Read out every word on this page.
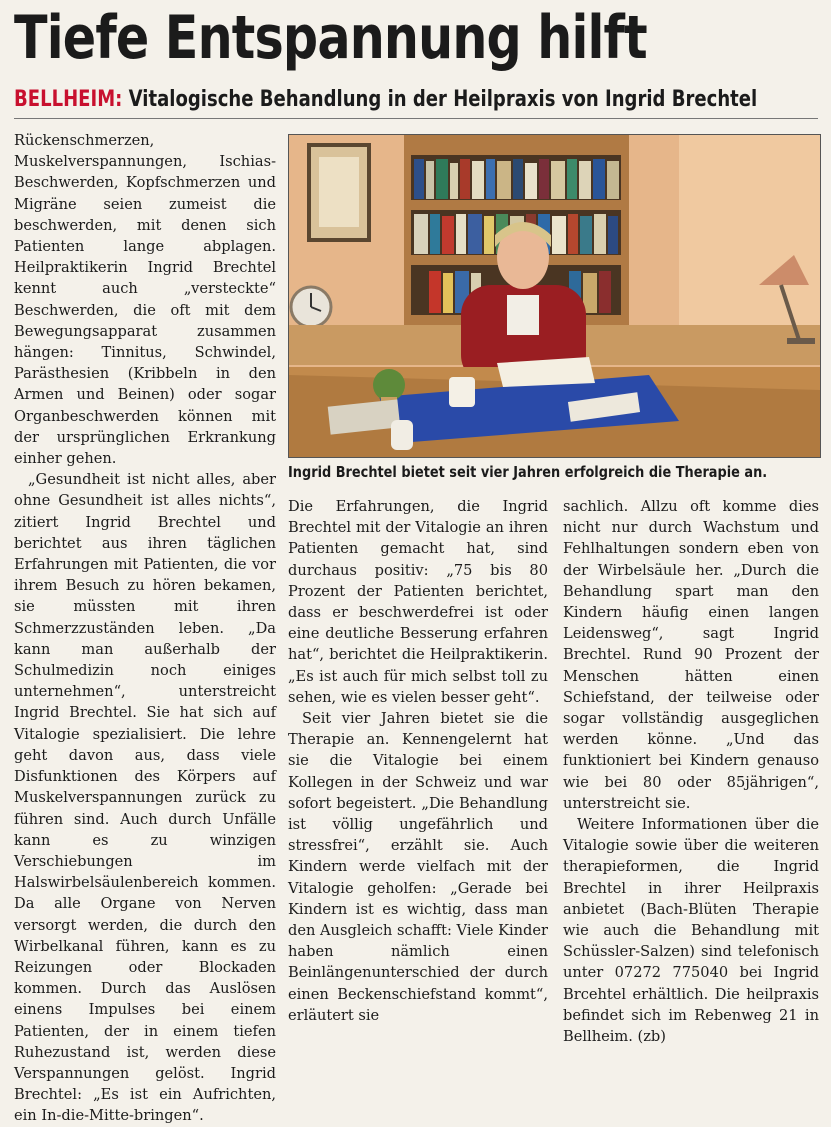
Tiefe Entspannung hilft
BELLHEIM: Vitalogische Behandlung in der Heilpraxis von Ingrid Brechtel

Rückenschmerzen, Muskelverspannungen, Ischias-Beschwerden, Kopfschmerzen und Migräne seien zumeist die beschwerden, mit denen sich Patienten lange abplagen. Heilpraktikerin Ingrid Brechtel kennt auch „versteckte“ Beschwerden, die oft mit dem Bewegungsapparat zusammen hängen: Tinnitus, Schwindel, Parästhesien (Kribbeln in den Armen und Beinen) oder sogar Organbeschwerden können mit der ursprünglichen Erkrankung einher gehen.

„Gesundheit ist nicht alles, aber ohne Gesundheit ist alles nichts“, zitiert Ingrid Brechtel und berichtet aus ihren täglichen Erfahrungen mit Patienten, die vor ihrem Besuch zu hören bekamen, sie müssten mit ihren Schmerzzuständen leben. „Da kann man außerhalb der Schulmedizin noch einiges unternehmen“, unterstreicht Ingrid Brechtel. Sie hat sich auf Vitalogie spezialisiert. Die lehre geht davon aus, dass viele Disfunktionen des Körpers auf Muskelverspannungen zurück zu führen sind. Auch durch Unfälle kann es zu winzigen Verschiebungen im Halswirbelsäulenbereich kommen. Da alle Organe von Nerven versorgt werden, die durch den Wirbelkanal führen, kann es zu Reizungen oder Blockaden kommen. Durch das Auslösen einens Impulses bei einem Patienten, der in einem tiefen Ruhezustand ist, werden diese Verspannungen gelöst. Ingrid Brechtel: „Es ist ein Aufrichten, ein In-die-Mitte-bringen“.

Ingrid Brechtel bietet seit vier Jahren erfolgreich die Therapie an.

Die Erfahrungen, die Ingrid Brechtel mit der Vitalogie an ihren Patienten gemacht hat, sind durchaus positiv: „75 bis 80 Prozent der Patienten berichtet, dass er beschwerdefrei ist oder eine deutliche Besserung erfahren hat“, berichtet die Heilpraktikerin. „Es ist auch für mich selbst toll zu sehen, wie es vielen besser geht“.

Seit vier Jahren bietet sie die Therapie an. Kennengelernt hat sie die Vitalogie bei einem Kollegen in der Schweiz und war sofort begeistert. „Die Behandlung ist völlig ungefährlich und stressfrei“, erzählt sie. Auch Kindern werde vielfach mit der Vitalogie geholfen: „Gerade bei Kindern ist es wichtig, dass man den Ausgleich schafft: Viele Kinder haben nämlich einen Beinlängenunterschied der durch einen Beckenschiefstand kommt“, erläutert sie

sachlich. Allzu oft komme dies nicht nur durch Wachstum und Fehlhaltungen sondern eben von der Wirbelsäule her. „Durch die Behandlung spart man den Kindern häufig einen langen Leidensweg“, sagt Ingrid Brechtel. Rund 90 Prozent der Menschen hätten einen Schiefstand, der teilweise oder sogar vollständig ausgeglichen werden könne. „Und das funktioniert bei Kindern genauso wie bei 80 oder 85jährigen“, unterstreicht sie.

Weitere Informationen über die Vitalogie sowie über die weiteren therapieformen, die Ingrid Brechtel in ihrer Heilpraxis anbietet (Bach-Blüten Therapie wie auch die Behandlung mit Schüssler-Salzen) sind telefonisch unter 07272 775040 bei Ingrid Brcehtel erhältlich. Die heilpraxis befindet sich im Rebenweg 21 in Bellheim. (zb)
